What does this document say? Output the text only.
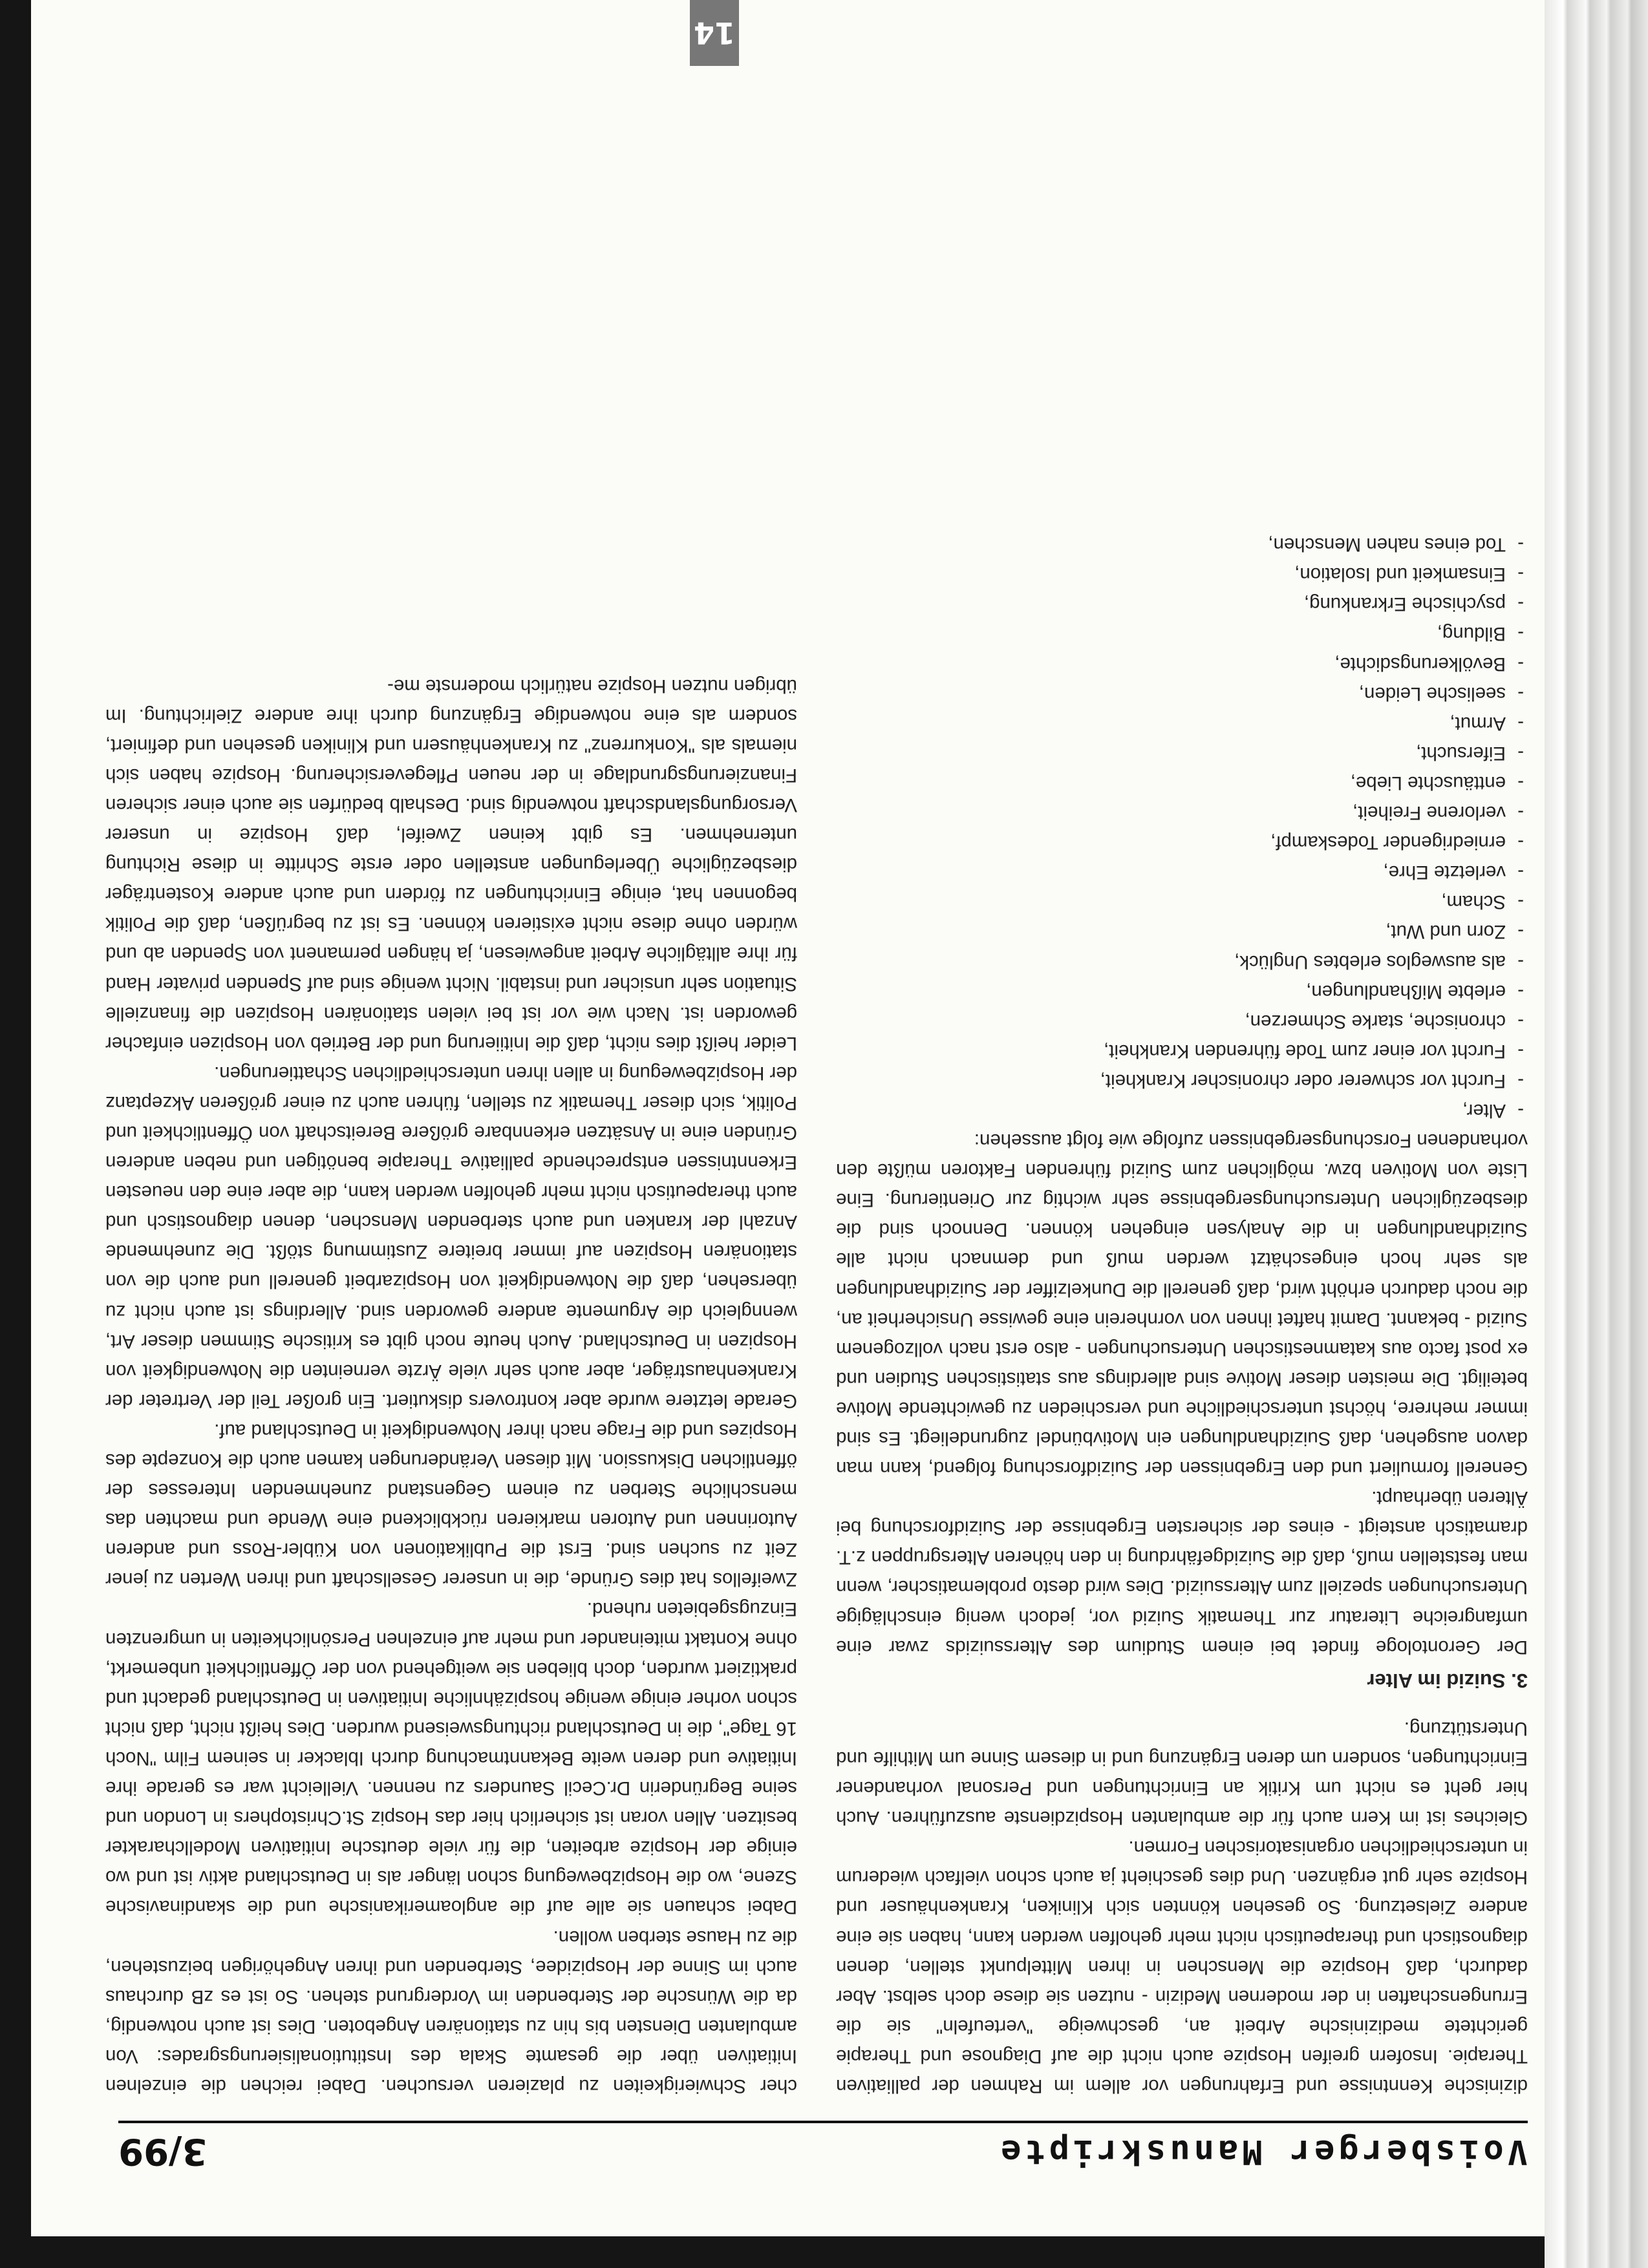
Voisberger Manuskripte
3/99

dizinische Kenntnisse und Erfahrungen vor allem im Rahmen der palliativen Therapie. Insofern greifen Hospize auch nicht die auf Diagnose und Therapie gerichtete medizinische Arbeit an, geschweige "verteufeln" sie die Errungenschaften in der modernen Medizin - nutzen sie diese doch selbst. Aber dadurch, daß Hospize die Menschen in ihren Mittelpunkt stellen, denen diagnostisch und therapeutisch nicht mehr geholfen werden kann, haben sie eine andere Zielsetzung. So gesehen könnten sich Kliniken, Krankenhäuser und Hospize sehr gut ergänzen. Und dies geschieht ja auch schon vielfach wiederum in unterschiedlichen organisatorischen Formen.

Gleiches ist im Kern auch für die ambulanten Hospizdienste auszuführen. Auch hier geht es nicht um Kritik an Einrichtungen und Personal vorhandener Einrichtungen, sondern um deren Ergänzung und in diesem Sinne um Mithilfe und Unterstützung.

3. Suizid im Alter

Der Gerontologe findet bei einem Studium des Alterssuizids zwar eine umfangreiche Literatur zur Thematik Suizid vor, jedoch wenig einschlägige Untersuchungen speziell zum Alterssuizid. Dies wird desto problematischer, wenn man feststellen muß, daß die Suizidgefährdung in den höheren Altersgruppen z.T. dramatisch ansteigt - eines der sichersten Ergebnisse der Suizidforschung bei Älteren überhaupt.

Generell formuliert und den Ergebnissen der Suizidforschung folgend, kann man davon ausgehen, daß Suizidhandlungen ein Motivbündel zugrundeliegt. Es sind immer mehrere, höchst unterschiedliche und verschieden zu gewichtende Motive beteiligt. Die meisten dieser Motive sind allerdings aus statistischen Studien und ex post facto aus katamnestischen Untersuchungen - also erst nach vollzogenem Suizid - bekannt. Damit haftet ihnen von vornherein eine gewisse Unsicherheit an, die noch dadurch erhöht wird, daß generell die Dunkelziffer der Suizidhandlungen als sehr hoch eingeschätzt werden muß und demnach nicht alle Suizidhandlungen in die Analysen eingehen können. Dennoch sind die diesbezüglichen Untersuchungsergebnisse sehr wichtig zur Orientierung. Eine Liste von Motiven bzw. möglichen zum Suizid führenden Faktoren müßte den vorhandenen Forschungsergebnissen zufolge wie folgt aussehen:

- Alter,
- Furcht vor schwerer oder chronischer Krankheit,
- Furcht vor einer zum Tode führenden Krankheit,
- chronische, starke Schmerzen,
- erlebte Mißhandlungen,
- als ausweglos erlebtes Unglück,
- Zorn und Wut,
- Scham,
- verletzte Ehre,
- erniedrigender Todeskampf,
- verlorene Freiheit,
- enttäuschte Liebe,
- Eifersucht,
- Armut,
- seelische Leiden,
- Bevölkerungsdichte,
- Bildung,
- psychische Erkrankung,
- Einsamkeit und Isolation,
- Tod eines nahen Menschen,

cher Schwierigkeiten zu plazieren versuchen. Dabei reichen die einzelnen Initiativen über die gesamte Skala des Institutionalisierungsgrades: Von ambulanten Diensten bis hin zu stationären Angeboten. Dies ist auch notwendig, da die Wünsche der Sterbenden im Vordergrund stehen. So ist es zB durchaus auch im Sinne der Hospizidee, Sterbenden und ihren Angehörigen beizustehen, die zu Hause sterben wollen.

Dabei schauen sie alle auf die angloamerikanische und die skandinavische Szene, wo die Hospizbewegung schon länger als in Deutschland aktiv ist und wo einige der Hospize arbeiten, die für viele deutsche Initiativen Modellcharakter besitzen. Allen voran ist sicherlich hier das Hospiz St.Christophers in London und seine Begründerin Dr.Cecil Saunders zu nennen. Vielleicht war es gerade ihre Initiative und deren weite Bekanntmachung durch Iblacker in seinem Film "Noch 16 Tage", die in Deutschland richtungsweisend wurden. Dies heißt nicht, daß nicht schon vorher einige wenige hospizähnliche Initiativen in Deutschland gedacht und praktiziert wurden, doch blieben sie weitgehend von der Öffentlichkeit unbemerkt, ohne Kontakt miteinander und mehr auf einzelnen Persönlichkeiten in umgrenzten Einzugsgebieten ruhend.

Zweifellos hat dies Gründe, die in unserer Gesellschaft und ihren Werten zu jener Zeit zu suchen sind. Erst die Publikationen von Kübler-Ross und anderen Autorinnen und Autoren markieren rückblickend eine Wende und machten das menschliche Sterben zu einem Gegenstand zunehmenden Interesses der öffentlichen Diskussion. Mit diesen Veränderungen kamen auch die Konzepte des Hospizes und die Frage nach ihrer Notwendigkeit in Deutschland auf.

Gerade letztere wurde aber kontrovers diskutiert. Ein großer Teil der Vertreter der Krankenhausträger, aber auch sehr viele Ärzte verneinten die Notwendigkeit von Hospizen in Deutschland. Auch heute noch gibt es kritische Stimmen dieser Art, wenngleich die Argumente andere geworden sind. Allerdings ist auch nicht zu übersehen, daß die Notwendigkeit von Hospizarbeit generell und auch die von stationären Hospizen auf immer breitere Zustimmung stößt. Die zunehmende Anzahl der kranken und auch sterbenden Menschen, denen diagnostisch und auch therapeutisch nicht mehr geholfen werden kann, die aber eine den neuesten Erkenntnissen entsprechende palliative Therapie benötigen und neben anderen Gründen eine in Ansätzen erkennbare größere Bereitschaft von Öffentlichkeit und Politik, sich dieser Thematik zu stellen, führen auch zu einer größeren Akzeptanz der Hospizbewegung in allen ihren unterschiedlichen Schattierungen.

Leider heißt dies nicht, daß die Initiierung und der Betrieb von Hospizen einfacher geworden ist. Nach wie vor ist bei vielen stationären Hospizen die finanzielle Situation sehr unsicher und instabil. Nicht wenige sind auf Spenden privater Hand für ihre alltägliche Arbeit angewiesen, ja hängen permanent von Spenden ab und würden ohne diese nicht existieren können. Es ist zu begrüßen, daß die Politik begonnen hat, einige Einrichtungen zu fördern und auch andere Kostenträger diesbezügliche Überlegungen anstellen oder erste Schritte in diese Richtung unternehmen. Es gibt keinen Zweifel, daß Hospize in unserer Versorgungslandschaft notwendig sind. Deshalb bedürfen sie auch einer sicheren Finanzierungsgrundlage in der neuen Pflegeversicherung. Hospize haben sich niemals als "Konkurrenz" zu Krankenhäusern und Kliniken gesehen und definiert, sondern als eine notwendige Ergänzung durch ihre andere Zielrichtung. Im übrigen nutzen Hospize natürlich modernste me-

14
